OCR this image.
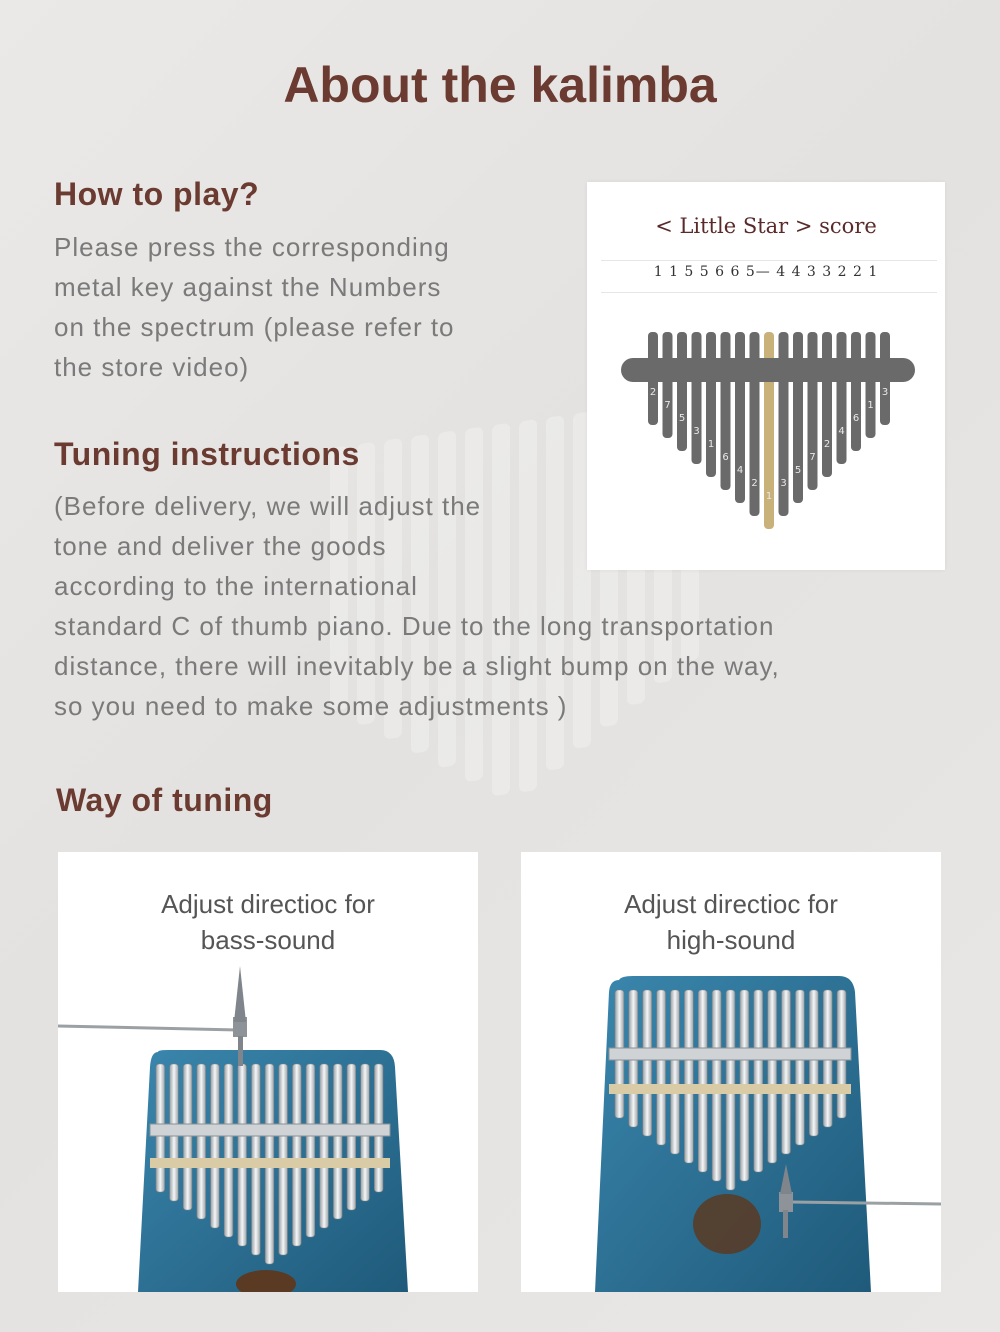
About the kalimba
How to play?

Please press the corresponding
metal key against the Numbers
on the spectrum (please refer to
the store video)

< Little Star > score
1 1 5 5 6 6 5— 4 4 3 3 2 2 1
2
7
5
3
1
6
4
2
1
3
5
7
2
4
6
1
3
Tuning instructions

(Before delivery, we will adjust the
tone and deliver the goods
according to the international
standard C of thumb piano. Due to the long transportation
distance, there will inevitably be a slight bump on the way,
so you need to make some adjustments )

Way of tuning

Adjust directioc for
bass-sound

Adjust directioc for
high-sound
